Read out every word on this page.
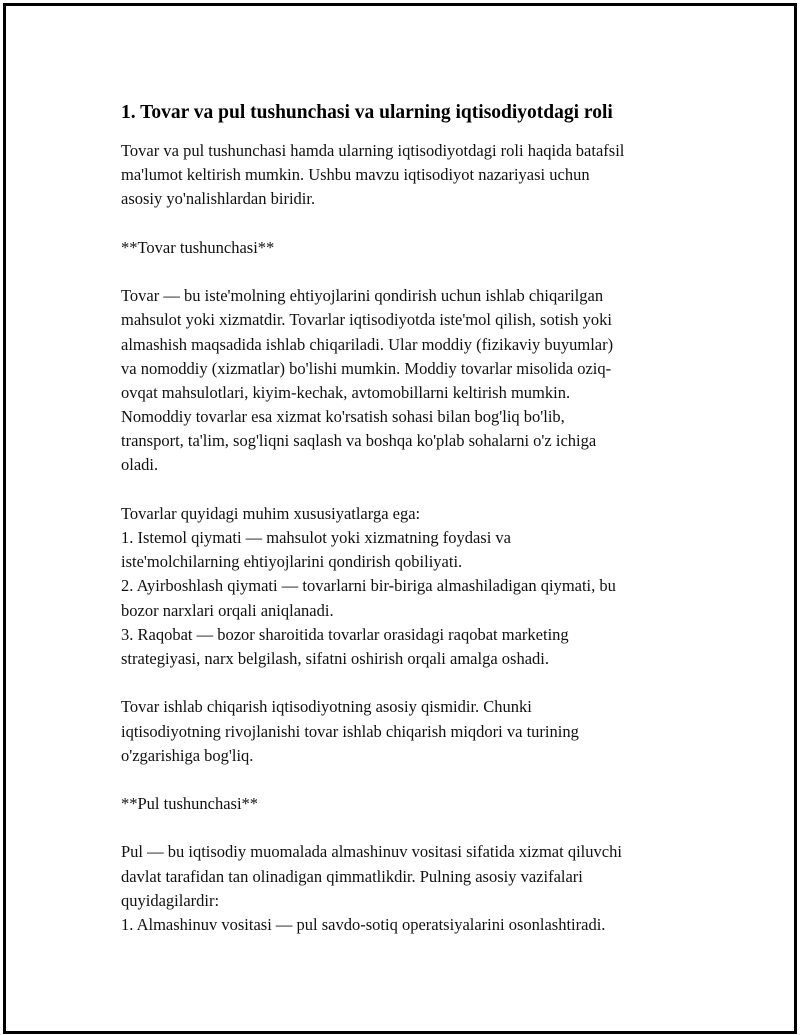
1. Tovar va pul tushunchasi va ularning iqtisodiyotdagi roli
Tovar va pul tushunchasi hamda ularning iqtisodiyotdagi roli haqida batafsil
ma'lumot keltirish mumkin. Ushbu mavzu iqtisodiyot nazariyasi uchun
asosiy yo'nalishlardan biridir.
**Tovar tushunchasi**
Tovar — bu iste'molning ehtiyojlarini qondirish uchun ishlab chiqarilgan
mahsulot yoki xizmatdir. Tovarlar iqtisodiyotda iste'mol qilish, sotish yoki
almashish maqsadida ishlab chiqariladi. Ular moddiy (fizikaviy buyumlar)
va nomoddiy (xizmatlar) bo'lishi mumkin. Moddiy tovarlar misolida oziq-
ovqat mahsulotlari, kiyim-kechak, avtomobillarni keltirish mumkin.
Nomoddiy tovarlar esa xizmat ko'rsatish sohasi bilan bog'liq bo'lib,
transport, ta'lim, sog'liqni saqlash va boshqa ko'plab sohalarni o'z ichiga
oladi.
Tovarlar quyidagi muhim xususiyatlarga ega:
1. Istemol qiymati — mahsulot yoki xizmatning foydasi va
iste'molchilarning ehtiyojlarini qondirish qobiliyati.
2. Ayirboshlash qiymati — tovarlarni bir-biriga almashiladigan qiymati, bu
bozor narxlari orqali aniqlanadi.
3. Raqobat — bozor sharoitida tovarlar orasidagi raqobat marketing
strategiyasi, narx belgilash, sifatni oshirish orqali amalga oshadi.
Tovar ishlab chiqarish iqtisodiyotning asosiy qismidir. Chunki
iqtisodiyotning rivojlanishi tovar ishlab chiqarish miqdori va turining
o'zgarishiga bog'liq.
**Pul tushunchasi**
Pul — bu iqtisodiy muomalada almashinuv vositasi sifatida xizmat qiluvchi
davlat tarafidan tan olinadigan qimmatlikdir. Pulning asosiy vazifalari
quyidagilardir:
1. Almashinuv vositasi — pul savdo-sotiq operatsiyalarini osonlashtiradi.
